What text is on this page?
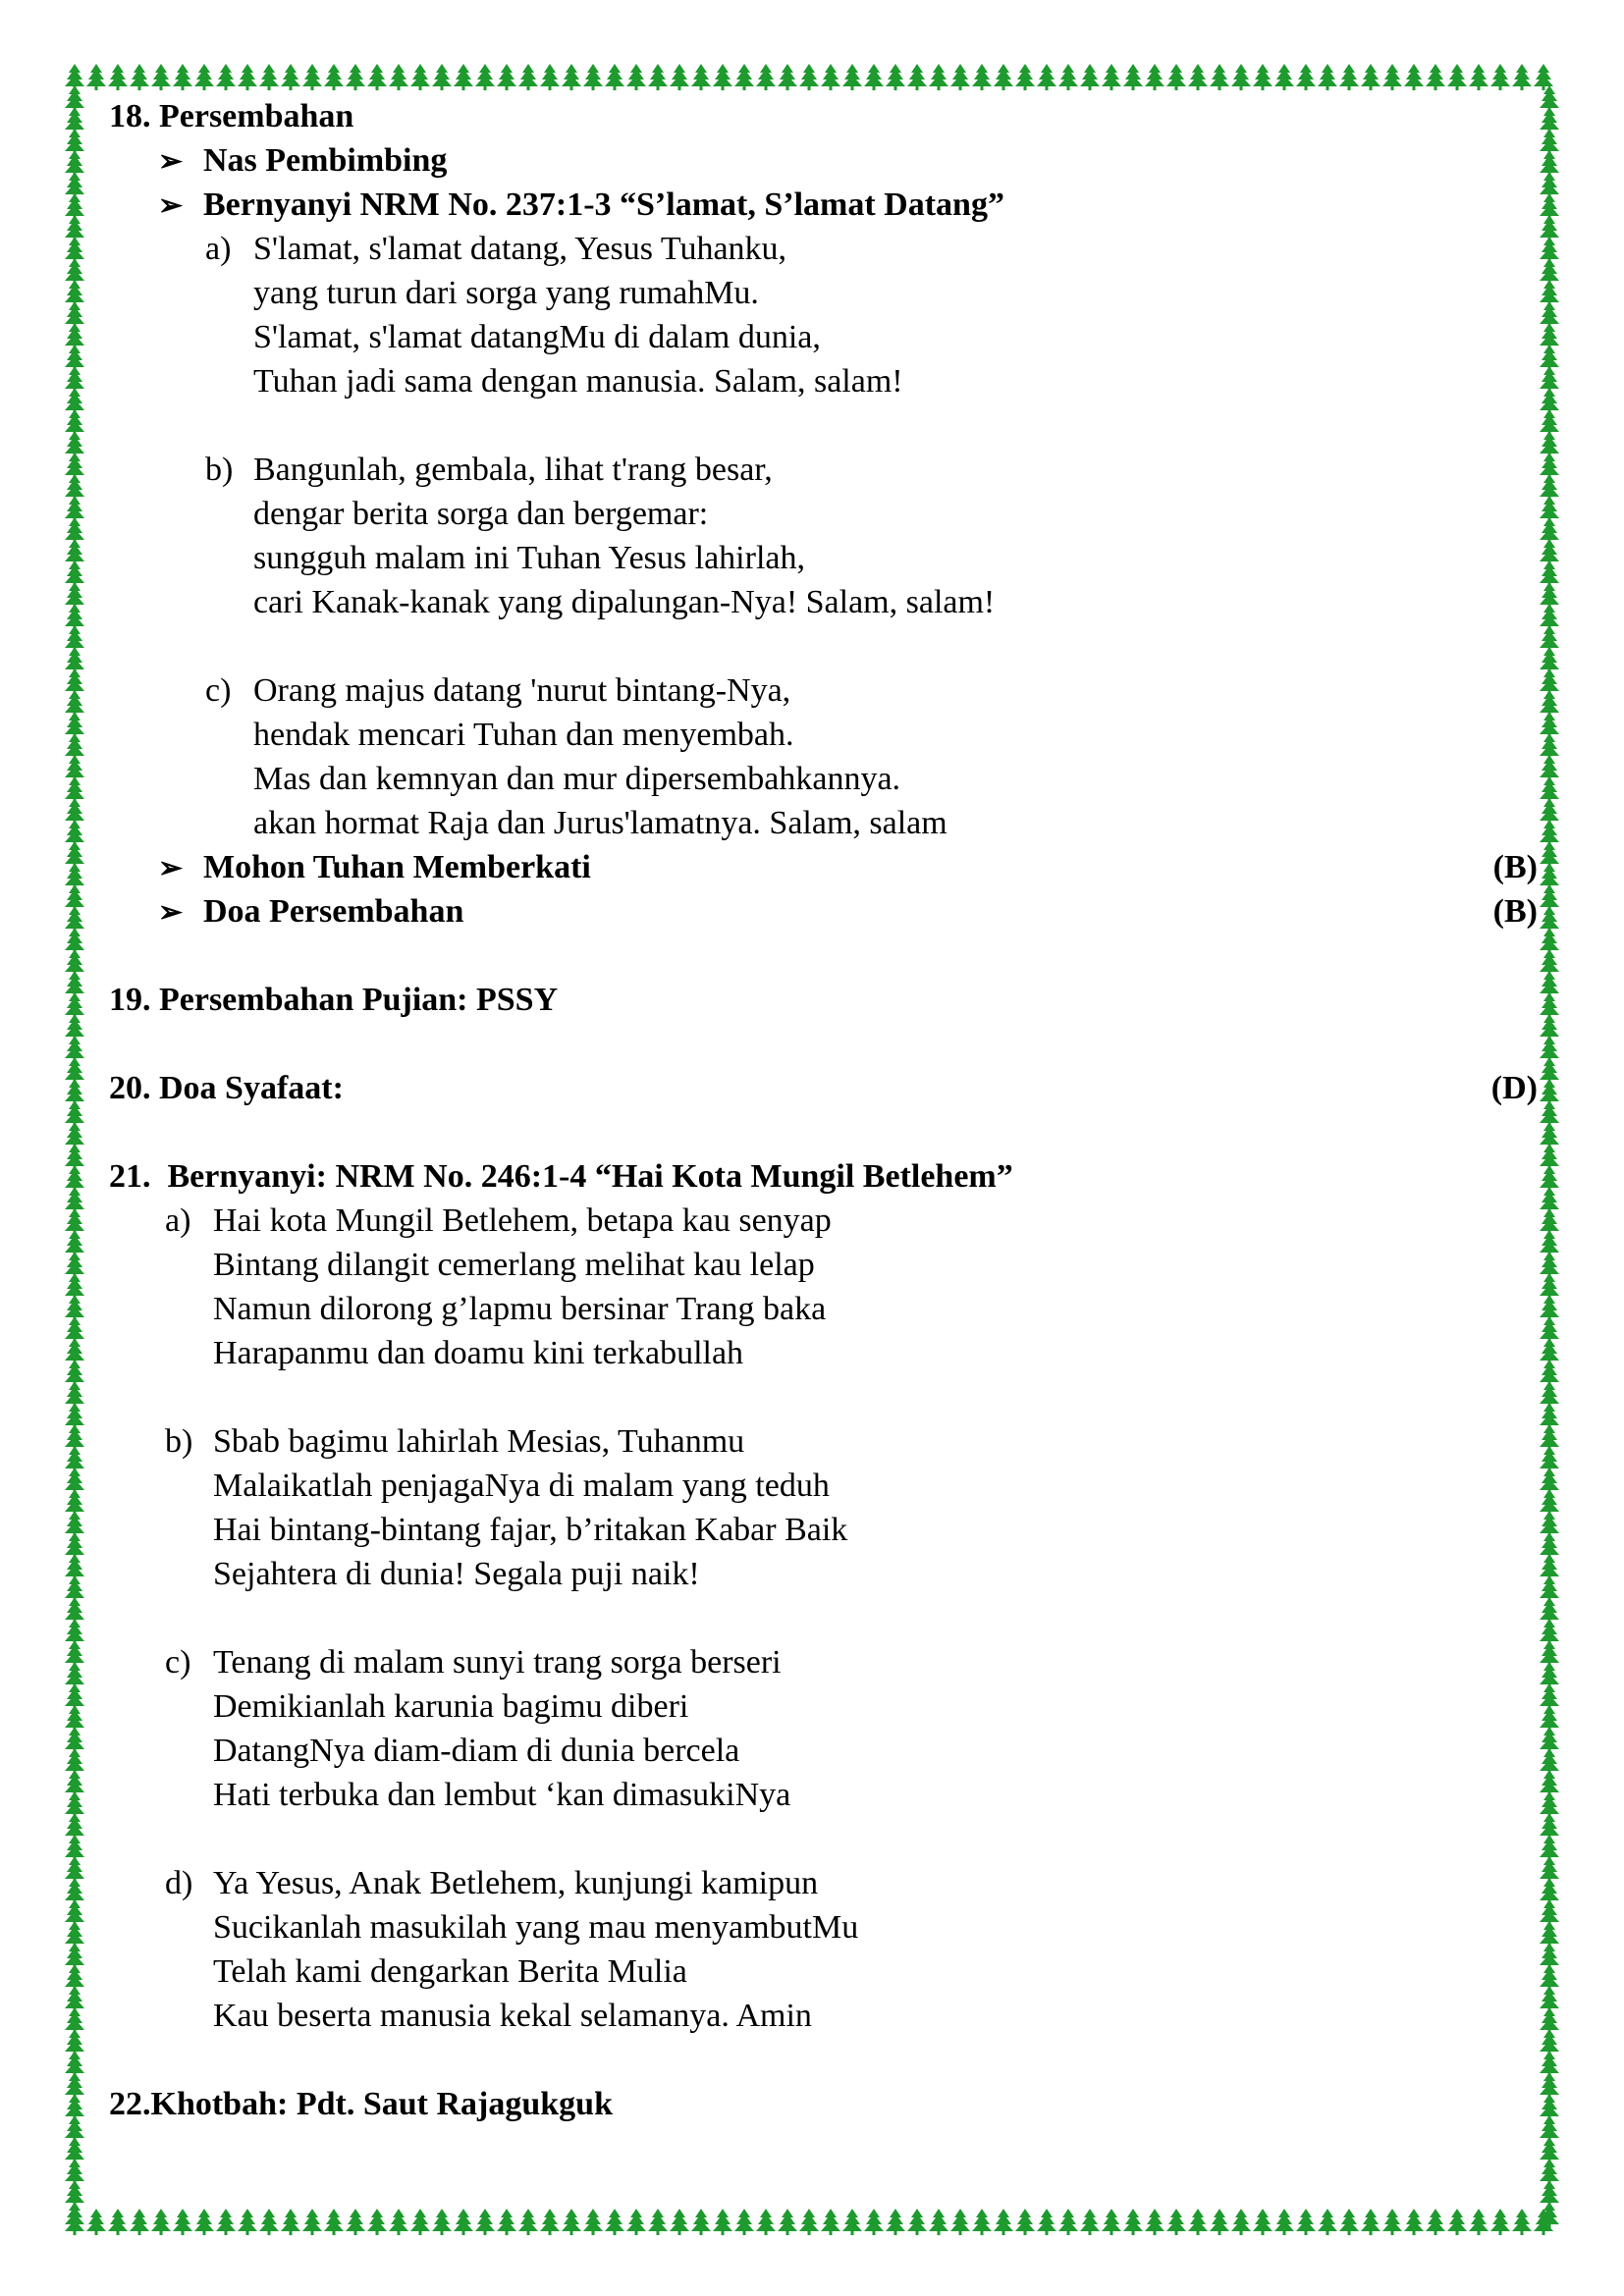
18. Persembahan
➢ Nas Pembimbing
➢ Bernyanyi NRM No. 237:1-3 “S’lamat, S’lamat Datang”
a) S'lamat, s'lamat datang, Yesus Tuhanku,
yang turun dari sorga yang rumahMu.
S'lamat, s'lamat datangMu di dalam dunia,
Tuhan jadi sama dengan manusia. Salam, salam!
b) Bangunlah, gembala, lihat t'rang besar,
dengar berita sorga dan bergemar:
sungguh malam ini Tuhan Yesus lahirlah,
cari Kanak-kanak yang dipalungan-Nya! Salam, salam!
c) Orang majus datang 'nurut bintang-Nya,
hendak mencari Tuhan dan menyembah.
Mas dan kemnyan dan mur dipersembahkannya.
akan hormat Raja dan Jurus'lamatnya. Salam, salam
➢ Mohon Tuhan Memberkati	(B)
➢ Doa Persembahan	(B)
19. Persembahan Pujian: PSSY
20. Doa Syafaat:	(D)
21.  Bernyanyi: NRM No. 246:1-4 “Hai Kota Mungil Betlehem”
a) Hai kota Mungil Betlehem, betapa kau senyap
Bintang dilangit cemerlang melihat kau lelap
Namun dilorong g’lapmu bersinar Trang baka
Harapanmu dan doamu kini terkabullah
b) Sbab bagimu lahirlah Mesias, Tuhanmu
Malaikatlah penjagaNya di malam yang teduh
Hai bintang-bintang fajar, b’ritakan Kabar Baik
Sejahtera di dunia! Segala puji naik!
c) Tenang di malam sunyi trang sorga berseri
Demikianlah karunia bagimu diberi
DatangNya diam-diam di dunia bercela
Hati terbuka dan lembut ‘kan dimasukiNya
d) Ya Yesus, Anak Betlehem, kunjungi kamipun
Sucikanlah masukilah yang mau menyambutMu
Telah kami dengarkan Berita Mulia
Kau beserta manusia kekal selamanya. Amin
22.Khotbah: Pdt. Saut Rajagukguk
